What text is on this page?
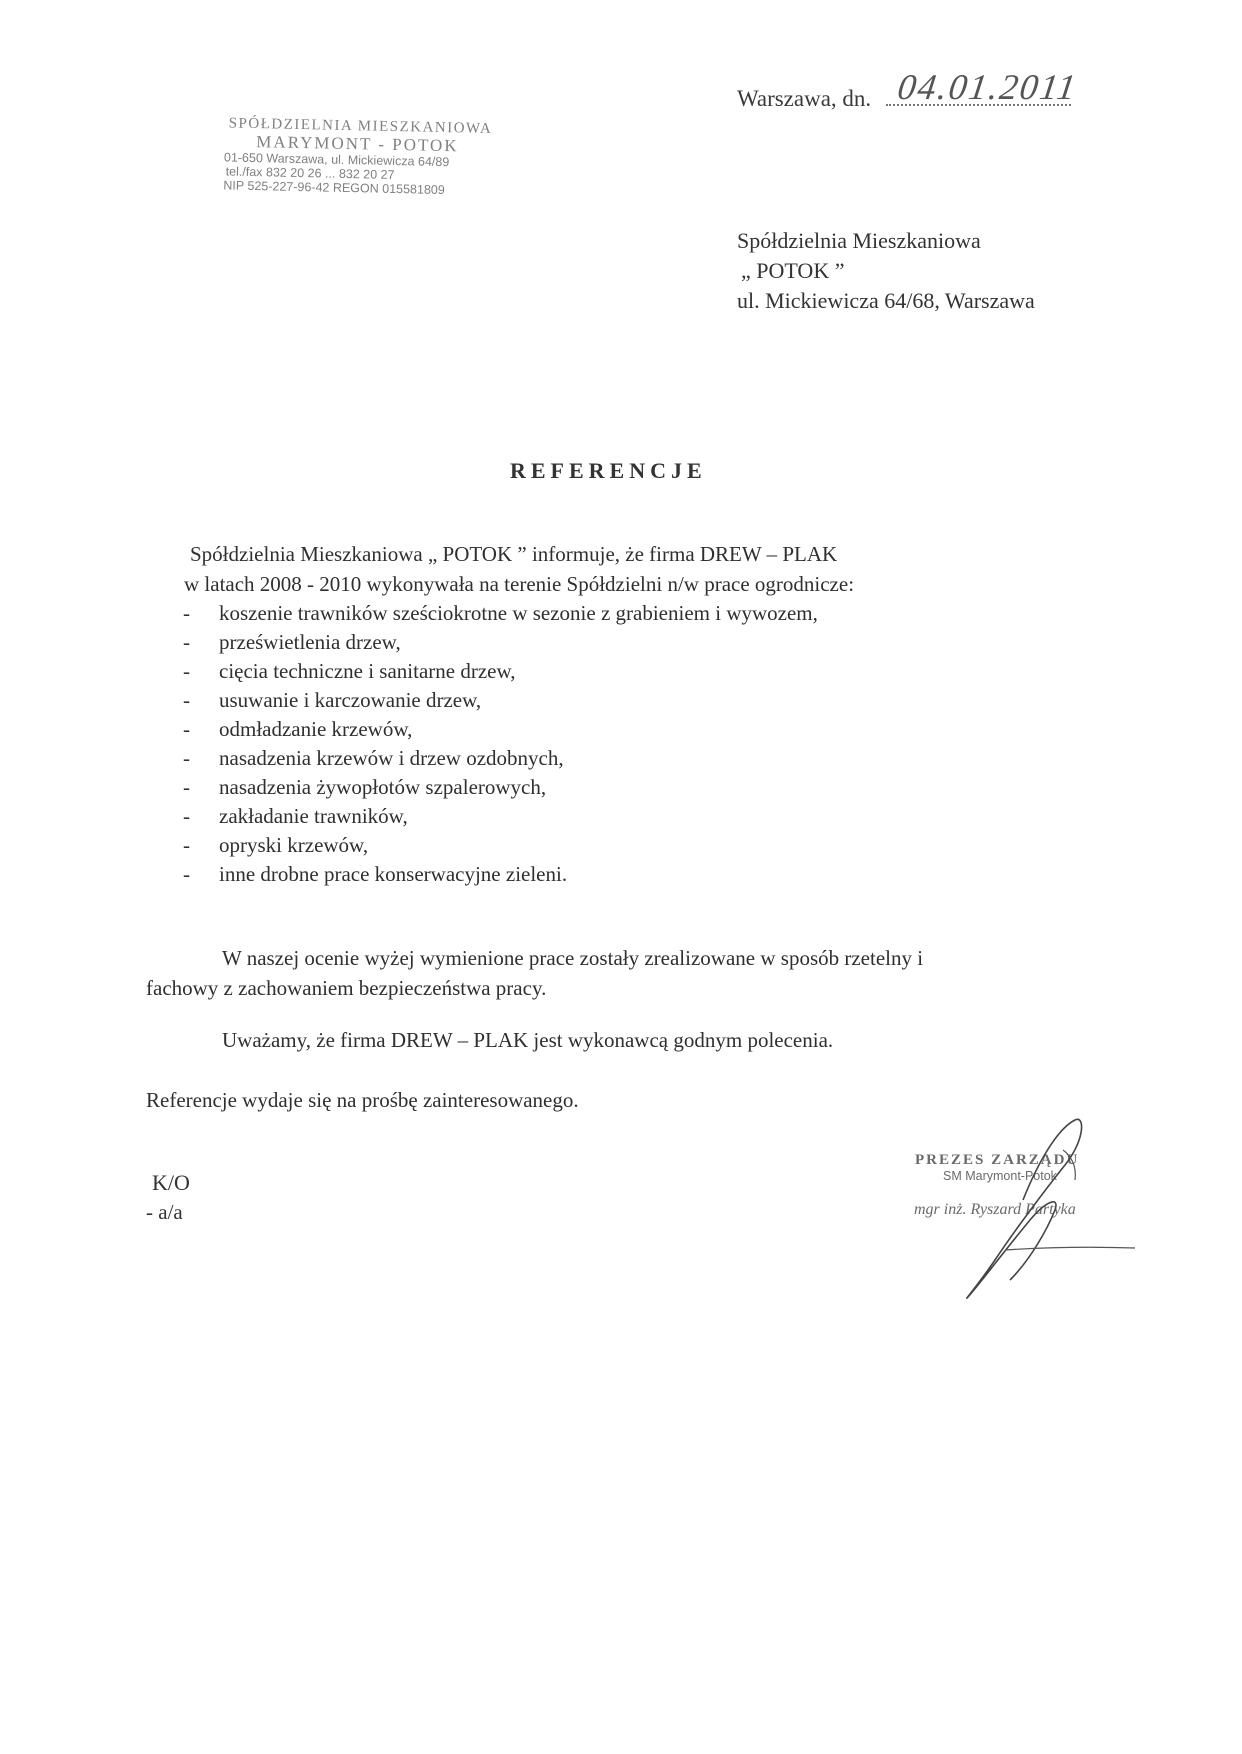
SPÓŁDZIELNIA MIESZKANIOWA
MARYMONT - POTOK
01-650 Warszawa, ul. Mickiewicza 64/89
tel./fax 832 20 26 ... 832 20 27
NIP 525-227-96-42 REGON 015581809
Warszawa, dn. 04.01.2011
Spółdzielnia Mieszkaniowa
„ POTOK ”
ul. Mickiewicza 64/68, Warszawa
REFERENCJE
Spółdzielnia Mieszkaniowa „ POTOK ” informuje, że firma DREW – PLAK
w latach 2008 - 2010 wykonywała na terenie Spółdzielni n/w prace ogrodnicze:
- koszenie trawników sześciokrotne w sezonie z grabieniem i wywozem,
- prześwietlenia drzew,
- cięcia techniczne i sanitarne drzew,
- usuwanie i karczowanie drzew,
- odmładzanie krzewów,
- nasadzenia krzewów i drzew ozdobnych,
- nasadzenia żywopłotów szpalerowych,
- zakładanie trawników,
- opryski krzewów,
- inne drobne prace konserwacyjne zieleni.
W naszej ocenie wyżej wymienione prace zostały zrealizowane w sposób rzetelny i
fachowy z zachowaniem bezpieczeństwa pracy.
Uważamy, że firma DREW – PLAK jest wykonawcą godnym polecenia.
Referencje wydaje się na prośbę zainteresowanego.
K/O
- a/a
PREZES ZARZĄDU
SM Marymont-Potok
mgr inż. Ryszard Partyka
